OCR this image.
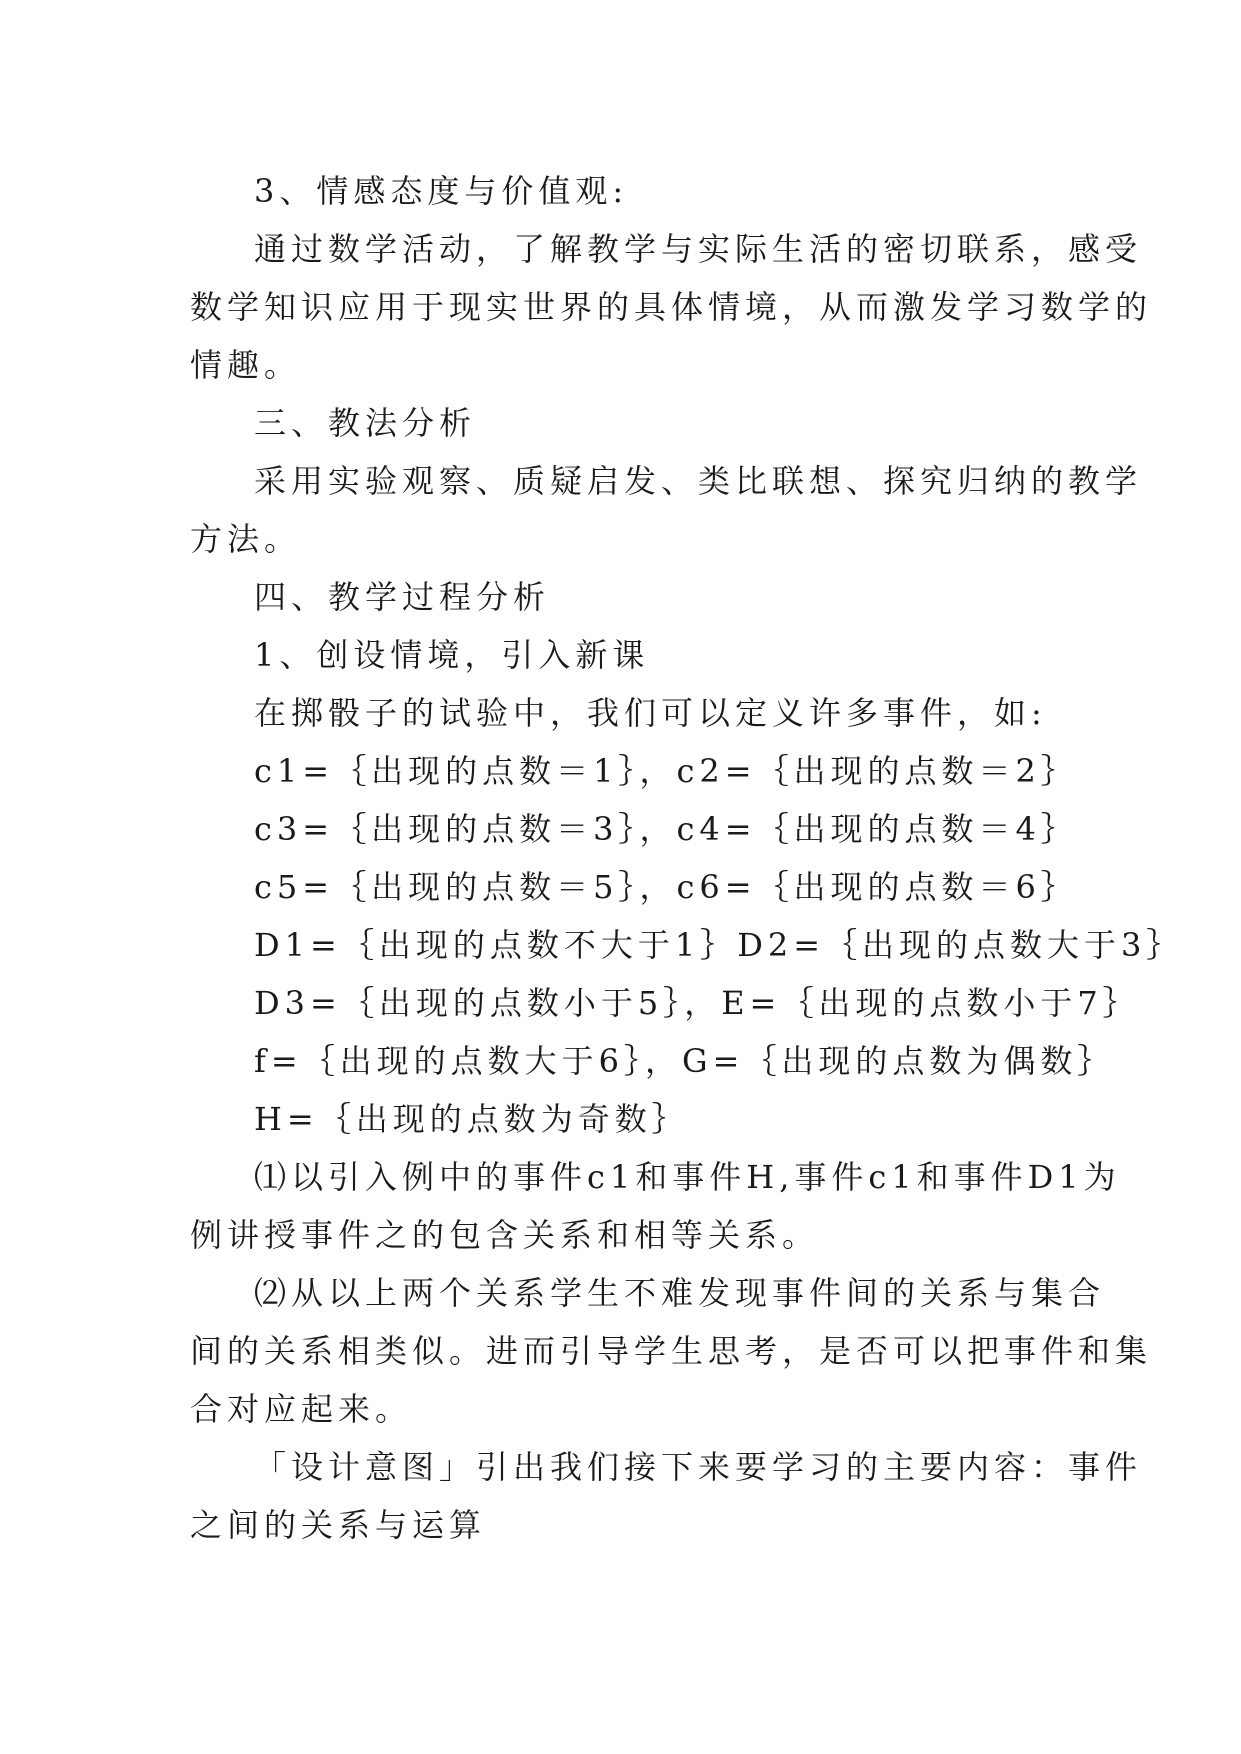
3、情感态度与价值观:
通过数学活动，了解教学与实际生活的密切联系，感受
数学知识应用于现实世界的具体情境，从而激发学习数学的
情趣。
三、教法分析
采用实验观察、质疑启发、类比联想、探究归纳的教学
方法。
四、教学过程分析
1、创设情境，引入新课
在掷骰子的试验中，我们可以定义许多事件，如:
c1=｛出现的点数＝1｝，c2=｛出现的点数＝2｝
c3=｛出现的点数＝3｝，c4=｛出现的点数＝4｝
c5=｛出现的点数＝5｝，c6=｛出现的点数＝6｝
D1=｛出现的点数不大于1｝D2=｛出现的点数大于3｝
D3=｛出现的点数小于5｝，E=｛出现的点数小于7｝
f=｛出现的点数大于6｝，G=｛出现的点数为偶数｝
H=｛出现的点数为奇数｝
⑴以引入例中的事件c1和事件H,事件c1和事件D1为
例讲授事件之的包含关系和相等关系。
⑵从以上两个关系学生不难发现事件间的关系与集合
间的关系相类似。进而引导学生思考，是否可以把事件和集
合对应起来。
「设计意图」引出我们接下来要学习的主要内容：事件
之间的关系与运算
